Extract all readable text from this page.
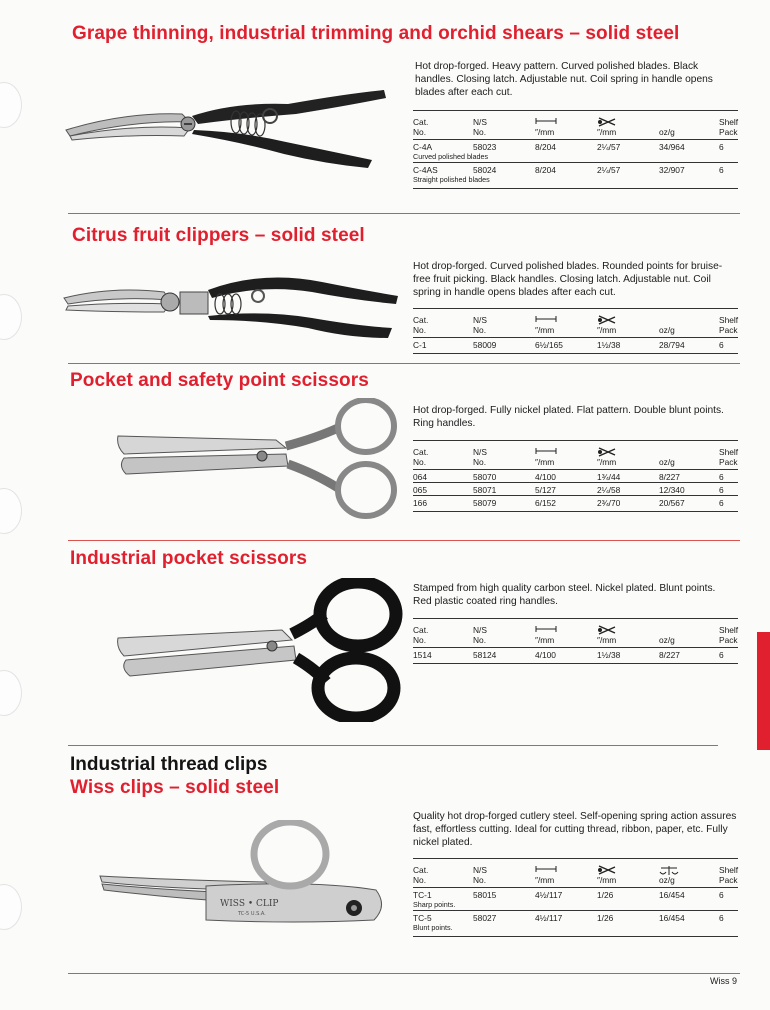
Grape thinning, industrial trimming and orchid shears – solid steel
Hot drop-forged. Heavy pattern. Curved polished blades. Black handles. Closing latch. Adjustable nut. Coil spring in handle opens blades after each cut.
Cat.	N/S				Shelf
No.	No.	″/mm	″/mm	oz/g	Pack
C-4A	58023	8/204	2¼/57	34/964	6
Curved polished blades					
C-4AS	58024	8/204	2¼/57	32/907	6
Straight polished blades					
Citrus fruit clippers – solid steel
Hot drop-forged. Curved polished blades. Rounded points for bruise-free fruit picking. Black handles. Closing latch. Adjustable nut. Coil spring in handle opens blades after each cut.
Cat.	N/S				Shelf
No.	No.	″/mm	″/mm	oz/g	Pack
C-1	58009	6½/165	1½/38	28/794	6
Pocket and safety point scissors
Hot drop-forged. Fully nickel plated. Flat pattern. Double blunt points. Ring handles.
Cat.	N/S				Shelf
No.	No.	″/mm	″/mm	oz/g	Pack
064	58070	4/100	1¾/44	8/227	6
065	58071	5/127	2¼/58	12/340	6
166	58079	6/152	2¾/70	20/567	6
Industrial pocket scissors
Stamped from high quality carbon steel. Nickel plated. Blunt points. Red plastic coated ring handles.
Cat.	N/S				Shelf
No.	No.	″/mm	″/mm	oz/g	Pack
1514	58124	4/100	1½/38	8/227	6
Industrial thread clips
Wiss clips – solid steel
WISS • CLIP
TC-5 U.S.A.
Quality hot drop-forged cutlery steel. Self-opening spring action assures fast, effortless cutting. Ideal for cutting thread, ribbon, paper, etc. Fully nickel plated.
Cat.	N/S				Shelf
No.	No.	″/mm	″/mm	oz/g	Pack
TC-1	58015	4½/117	1/26	16/454	6
Sharp points.					
TC-5	58027	4½/117	1/26	16/454	6
Blunt points.					
Wiss 9
